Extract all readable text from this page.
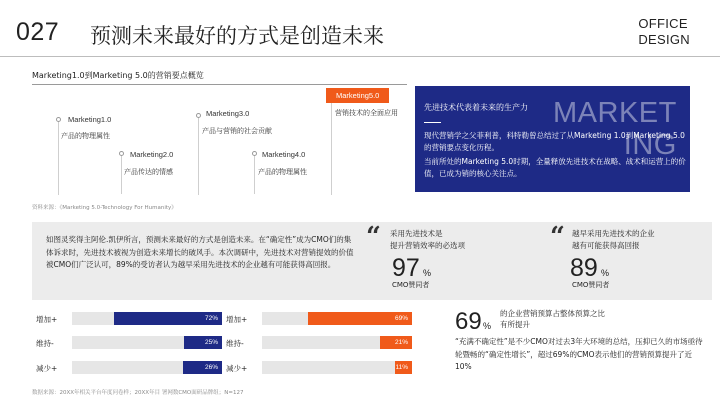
027 预测未来最好的方式是创造未来
OFFICE
DESIGN
Marketing1.0到Marketing 5.0的营销要点概览
Marketing1.0
产品的物理属性
Marketing2.0
产品传达的情感
Marketing3.0
产品与营销的社会贡献
Marketing4.0
产品的物理属性
Marketing5.0
营销技术的全面应用
资料来源：《Marketing 5.0-Technology For Humanity》
MARKET
ING
先进技术代表着未来的生产力
现代营销学之父菲利普，科特勒曾总结过了从Marketing 1.0到Marketing 5.0的营销要点变化历程。
当前所处的Marketing 5.0时期，全量释放先进技术在战略、战术和运营上的价值，已成为销的核心关注点。
如图灵奖得主阿伦.凯伊所言，预测未来最好的方式是创造未来。在“确定性”成为CMO们的集体诉求时，先进技术被视为创造未来增长的破风手。本次调研中，先进技术对营销提效的价值被CMO们广泛认可，89%的受访者认为越早采用先进技术的企业越有可能获得高回报。
“ 采用先进技术是
提升营销效率的必选项
97 %
CMO赞同者
“ 越早采用先进技术的企业
越有可能获得高回报
89 %
CMO赞同者
增加+	72%
维持-	25%
减少+	26%
增加+	69%
维持-	21%
减少+	11%
69 %
的企业营销预算占整体预算之比有所提升
“充满不确定性”是不少CMO对过去3年大环境的总结，压抑已久的市场亟待轮暨畅的“确定性增长”，超过69%的CMO表示他们的营销预算提升了近10%
数据来源：20XX年相关平台年度问卷样；20XX年目 署网数CMO面研品牌组；N=127
